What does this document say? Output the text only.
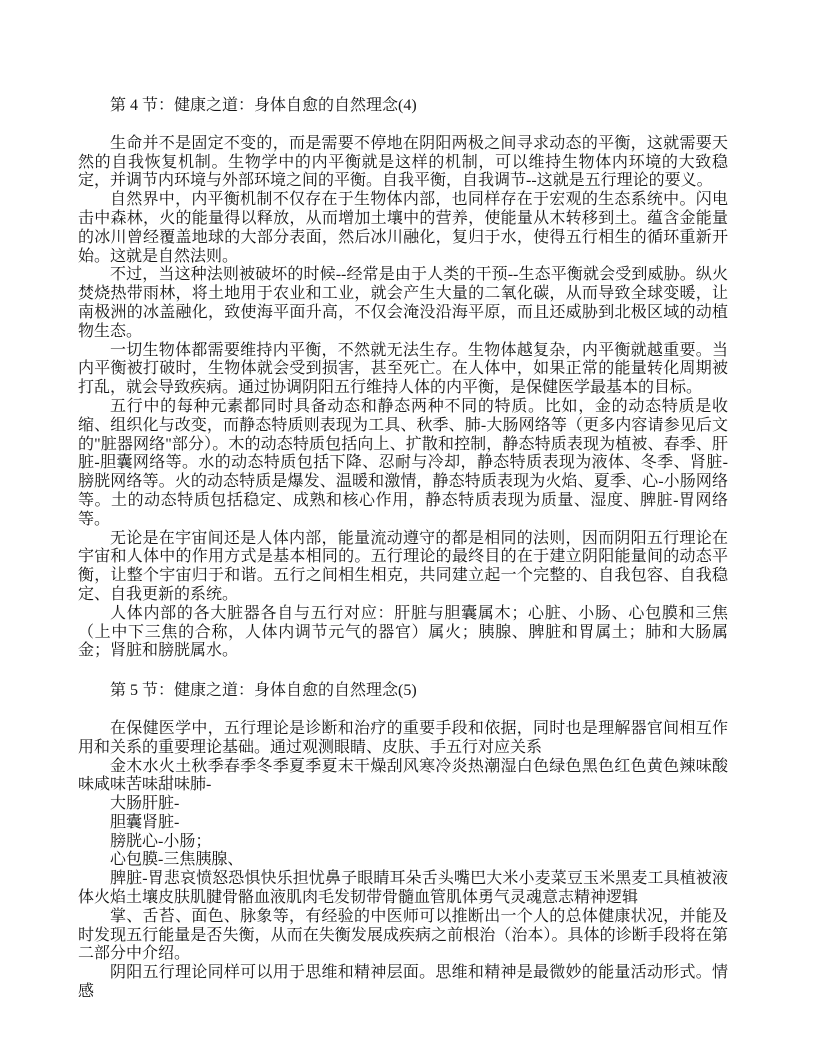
第 4 节：健康之道：身体自愈的自然理念(4)

生命并不是固定不变的，而是需要不停地在阴阳两极之间寻求动态的平衡，这就需要天然的自我恢复机制。生物学中的内平衡就是这样的机制，可以维持生物体内环境的大致稳定，并调节内环境与外部环境之间的平衡。自我平衡，自我调节--这就是五行理论的要义。

自然界中，内平衡机制不仅存在于生物体内部，也同样存在于宏观的生态系统中。闪电击中森林，火的能量得以释放，从而增加土壤中的营养，使能量从木转移到土。蕴含金能量的冰川曾经覆盖地球的大部分表面，然后冰川融化，复归于水，使得五行相生的循环重新开始。这就是自然法则。

不过，当这种法则被破坏的时候--经常是由于人类的干预--生态平衡就会受到威胁。纵火焚烧热带雨林，将土地用于农业和工业，就会产生大量的二氧化碳，从而导致全球变暖，让南极洲的冰盖融化，致使海平面升高，不仅会淹没沿海平原，而且还威胁到北极区域的动植物生态。

一切生物体都需要维持内平衡，不然就无法生存。生物体越复杂，内平衡就越重要。当内平衡被打破时，生物体就会受到损害，甚至死亡。在人体中，如果正常的能量转化周期被打乱，就会导致疾病。通过协调阴阳五行维持人体的内平衡，是保健医学最基本的目标。

五行中的每种元素都同时具备动态和静态两种不同的特质。比如，金的动态特质是收缩、组织化与改变，而静态特质则表现为工具、秋季、肺-大肠网络等（更多内容请参见后文的"脏器网络"部分）。木的动态特质包括向上、扩散和控制，静态特质表现为植被、春季、肝脏-胆囊网络等。水的动态特质包括下降、忍耐与冷却，静态特质表现为液体、冬季、肾脏-膀胱网络等。火的动态特质是爆发、温暖和激情，静态特质表现为火焰、夏季、心-小肠网络等。土的动态特质包括稳定、成熟和核心作用，静态特质表现为质量、湿度、脾脏-胃网络等。

无论是在宇宙间还是人体内部，能量流动遵守的都是相同的法则，因而阴阳五行理论在宇宙和人体中的作用方式是基本相同的。五行理论的最终目的在于建立阴阳能量间的动态平衡，让整个宇宙归于和谐。五行之间相生相克，共同建立起一个完整的、自我包容、自我稳定、自我更新的系统。

人体内部的各大脏器各自与五行对应：肝脏与胆囊属木；心脏、小肠、心包膜和三焦（上中下三焦的合称，人体内调节元气的器官）属火；胰腺、脾脏和胃属土；肺和大肠属金；肾脏和膀胱属水。

第 5 节：健康之道：身体自愈的自然理念(5)

在保健医学中，五行理论是诊断和治疗的重要手段和依据，同时也是理解器官间相互作用和关系的重要理论基础。通过观测眼睛、皮肤、手五行对应关系

金木水火土秋季春季冬季夏季夏末干燥刮风寒冷炎热潮湿白色绿色黑色红色黄色辣味酸味咸味苦味甜味肺-

大肠肝脏-

胆囊肾脏-

膀胱心-小肠；

心包膜-三焦胰腺、

脾脏-胃悲哀愤怒恐惧快乐担忧鼻子眼睛耳朵舌头嘴巴大米小麦菜豆玉米黑麦工具植被液体火焰土壤皮肤肌腱骨骼血液肌肉毛发韧带骨髓血管肌体勇气灵魂意志精神逻辑

掌、舌苔、面色、脉象等，有经验的中医师可以推断出一个人的总体健康状况，并能及时发现五行能量是否失衡，从而在失衡发展成疾病之前根治（治本）。具体的诊断手段将在第二部分中介绍。

阴阳五行理论同样可以用于思维和精神层面。思维和精神是最微妙的能量活动形式。情感
